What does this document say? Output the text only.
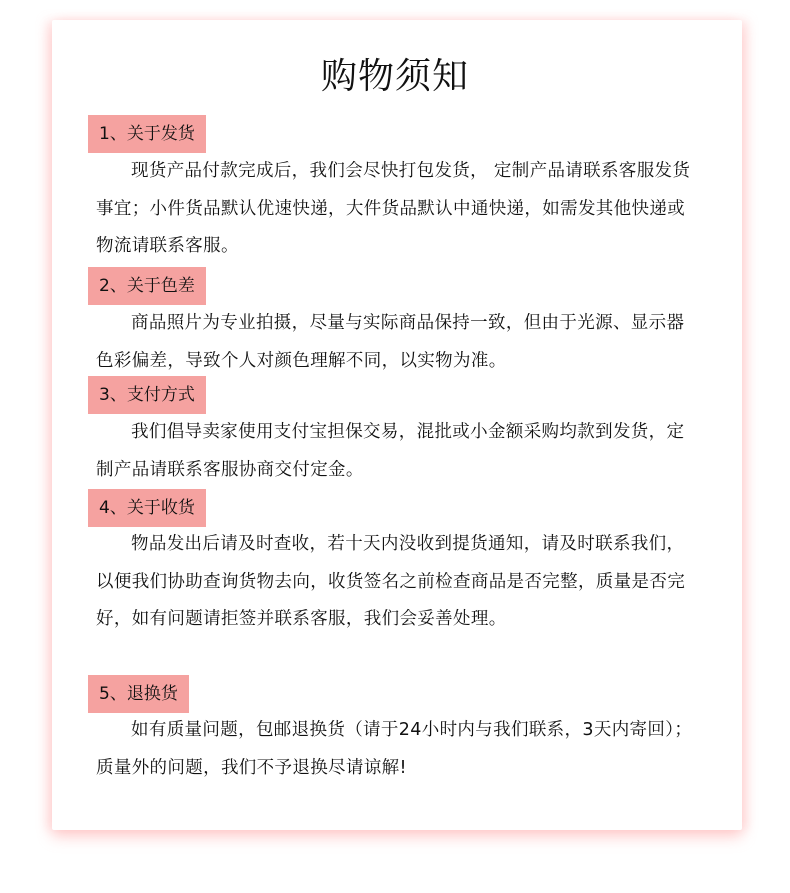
购物须知
1、关于发货
现货产品付款完成后，我们会尽快打包发货， 定制产品请联系客服发货事宜；小件货品默认优速快递，大件货品默认中通快递，如需发其他快递或物流请联系客服。
2、关于色差
商品照片为专业拍摄，尽量与实际商品保持一致，但由于光源、显示器色彩偏差，导致个人对颜色理解不同，以实物为准。
3、支付方式
我们倡导卖家使用支付宝担保交易，混批或小金额采购均款到发货，定制产品请联系客服协商交付定金。
4、关于收货
物品发出后请及时查收，若十天内没收到提货通知，请及时联系我们，以便我们协助查询货物去向，收货签名之前检查商品是否完整，质量是否完好，如有问题请拒签并联系客服，我们会妥善处理。
5、退换货
如有质量问题，包邮退换货（请于24小时内与我们联系，3天内寄回）；质量外的问题，我们不予退换尽请谅解!
